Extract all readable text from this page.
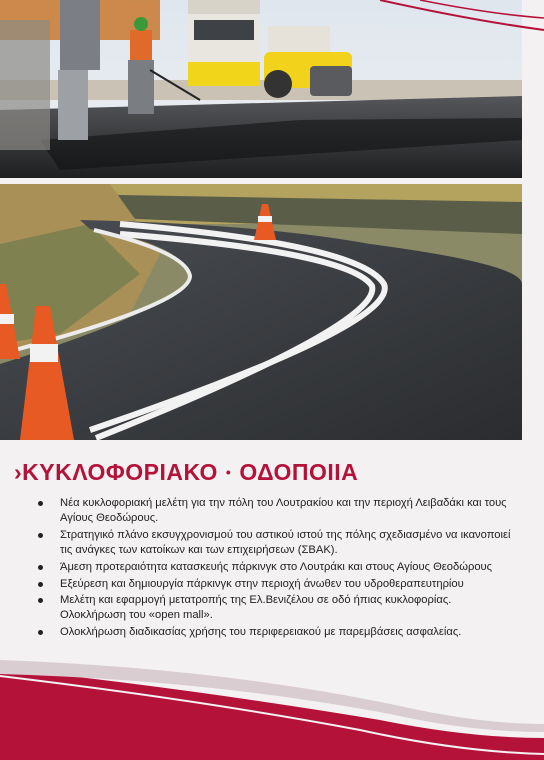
›ΚΥΚΛΟΦΟΡΙΑΚΟ • ΟΔΟΠΟΙΙΑ
Νέα κυκλοφοριακή μελέτη για την πόλη του Λουτρακίου και την περιοχή Λειβαδάκι και τους Αγίους Θεοδώρους.
Στρατηγικό πλάνο εκσυγχρονισμού του αστικού ιστού της πόλης σχεδιασμένο να ικανοποιεί τις ανάγκες των κατοίκων και των επιχειρήσεων (ΣΒΑΚ).
Άμεση προτεραιότητα κατασκευής πάρκινγκ στο Λουτράκι και στους Αγίους Θεοδώρους
Εξεύρεση και δημιουργία πάρκινγκ στην περιοχή άνωθεν του υδροθεραπευτηρίου
Μελέτη και εφαρμογή μετατροπής της Ελ.Βενιζέλου σε οδό ήπιας κυκλοφορίας. Ολοκλήρωση του «open mall».
Ολοκλήρωση διαδικασίας χρήσης του περιφερειακού με παρεμβάσεις ασφαλείας.
